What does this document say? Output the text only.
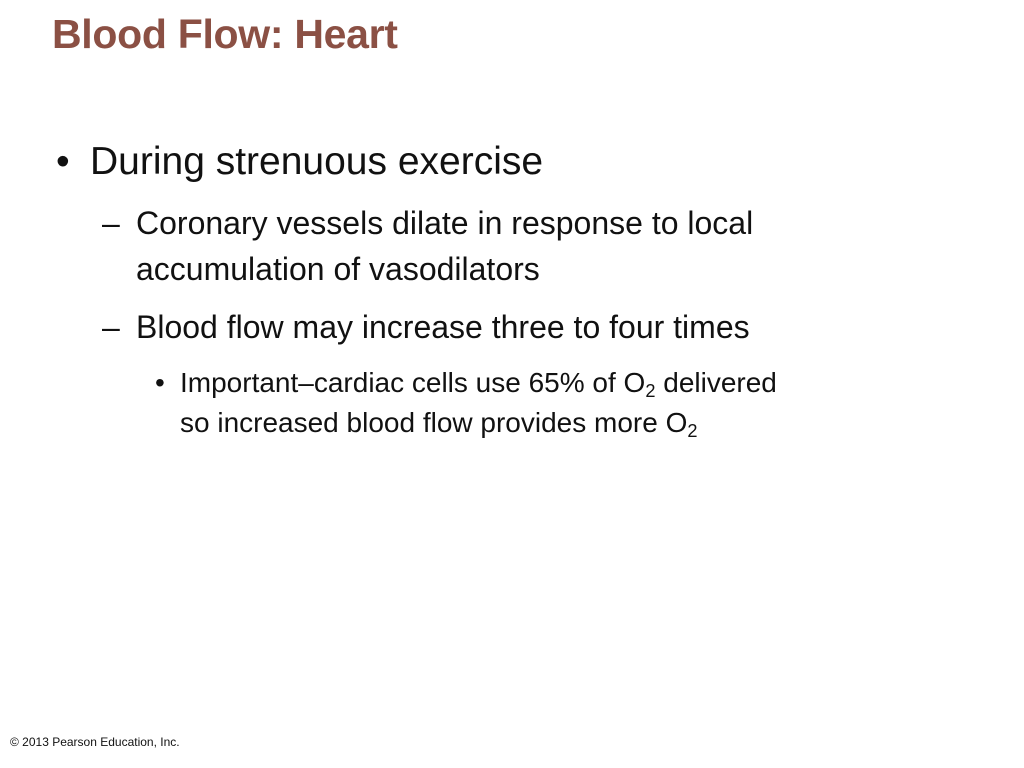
Blood Flow: Heart
• During strenuous exercise
– Coronary vessels dilate in response to local
accumulation of vasodilators
– Blood flow may increase three to four times
• Important–cardiac cells use 65% of $O_2$ delivered
so increased blood flow provides more $O_2$
© 2013 Pearson Education, Inc.
